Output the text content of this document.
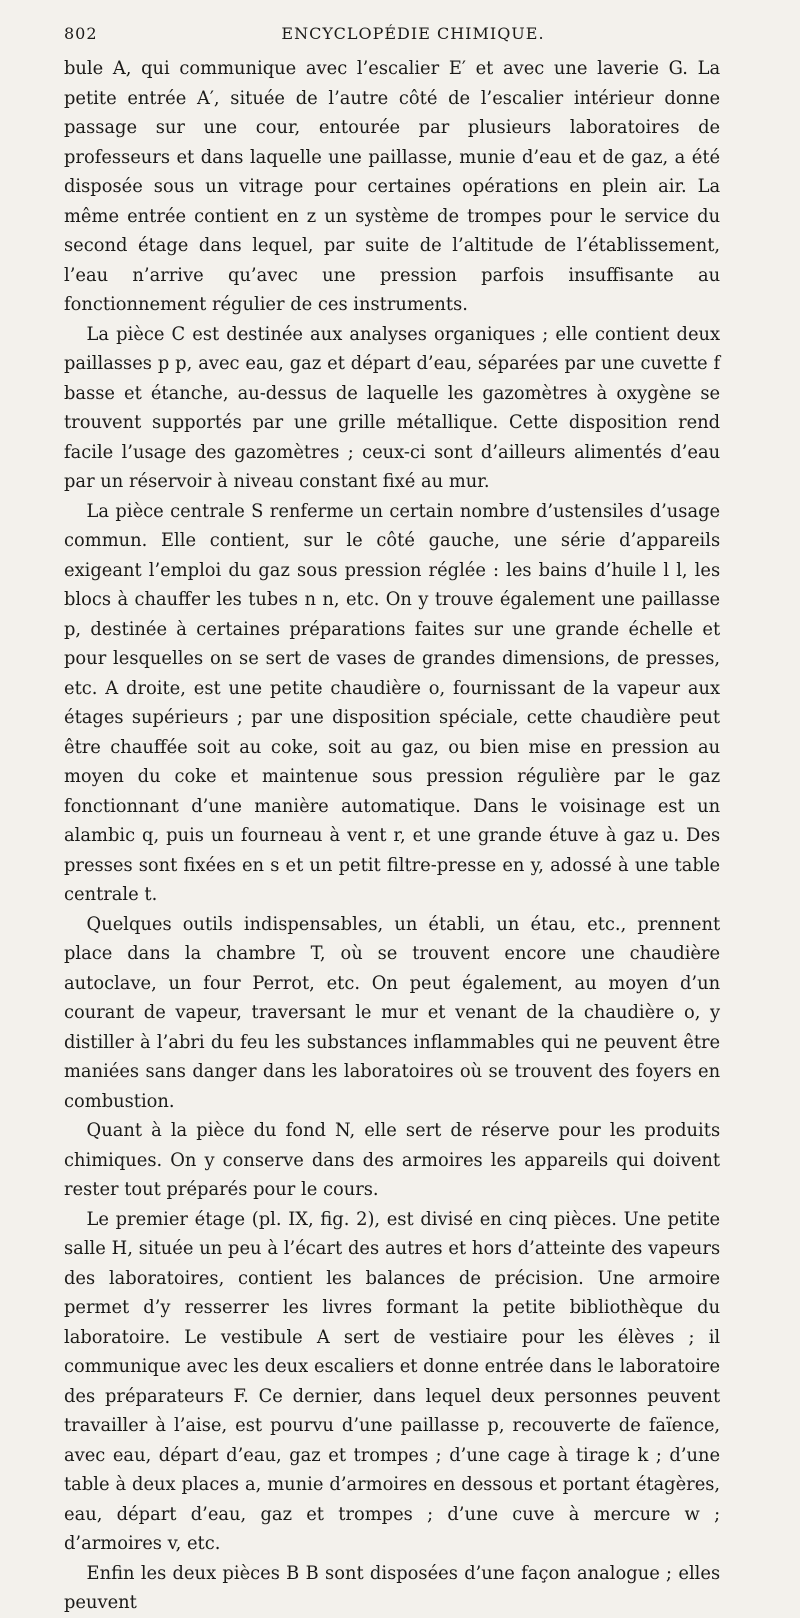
802	ENCYCLOPÉDIE CHIMIQUE.

bule A, qui communique avec l’escalier E′ et avec une laverie G. La petite entrée A′, située de l’autre côté de l’escalier intérieur donne passage sur une cour, entourée par plusieurs laboratoires de professeurs et dans laquelle une paillasse, munie d’eau et de gaz, a été disposée sous un vitrage pour certaines opérations en plein air. La même entrée contient en z un système de trompes pour le service du second étage dans lequel, par suite de l’altitude de l’établissement, l’eau n’arrive qu’avec une pression parfois insuffisante au fonctionnement régulier de ces instruments.

La pièce C est destinée aux analyses organiques ; elle contient deux paillasses p p, avec eau, gaz et départ d’eau, séparées par une cuvette f basse et étanche, au-dessus de laquelle les gazomètres à oxygène se trouvent supportés par une grille métallique. Cette disposition rend facile l’usage des gazomètres ; ceux-ci sont d’ailleurs alimentés d’eau par un réservoir à niveau constant fixé au mur.

La pièce centrale S renferme un certain nombre d’ustensiles d’usage commun. Elle contient, sur le côté gauche, une série d’appareils exigeant l’emploi du gaz sous pression réglée : les bains d’huile l l, les blocs à chauffer les tubes n n, etc. On y trouve également une paillasse p, destinée à certaines préparations faites sur une grande échelle et pour lesquelles on se sert de vases de grandes dimensions, de presses, etc. A droite, est une petite chaudière o, fournissant de la vapeur aux étages supérieurs ; par une disposition spéciale, cette chaudière peut être chauffée soit au coke, soit au gaz, ou bien mise en pression au moyen du coke et maintenue sous pression régulière par le gaz fonctionnant d’une manière automatique. Dans le voisinage est un alambic q, puis un fourneau à vent r, et une grande étuve à gaz u. Des presses sont fixées en s et un petit filtre-presse en y, adossé à une table centrale t.

Quelques outils indispensables, un établi, un étau, etc., prennent place dans la chambre T, où se trouvent encore une chaudière autoclave, un four Perrot, etc. On peut également, au moyen d’un courant de vapeur, traversant le mur et venant de la chaudière o, y distiller à l’abri du feu les substances inflammables qui ne peuvent être maniées sans danger dans les laboratoires où se trouvent des foyers en combustion.

Quant à la pièce du fond N, elle sert de réserve pour les produits chimiques. On y conserve dans des armoires les appareils qui doivent rester tout préparés pour le cours.

Le premier étage (pl. IX, fig. 2), est divisé en cinq pièces. Une petite salle H, située un peu à l’écart des autres et hors d’atteinte des vapeurs des laboratoires, contient les balances de précision. Une armoire permet d’y resserrer les livres formant la petite bibliothèque du laboratoire. Le vestibule A sert de vestiaire pour les élèves ; il communique avec les deux escaliers et donne entrée dans le laboratoire des préparateurs F. Ce dernier, dans lequel deux personnes peuvent travailler à l’aise, est pourvu d’une paillasse p, recouverte de faïence, avec eau, départ d’eau, gaz et trompes ; d’une cage à tirage k ; d’une table à deux places a, munie d’armoires en dessous et portant étagères, eau, départ d’eau, gaz et trompes ; d’une cuve à mercure w ; d’armoires v, etc.

Enfin les deux pièces B B sont disposées d’une façon analogue ; elles peuvent
